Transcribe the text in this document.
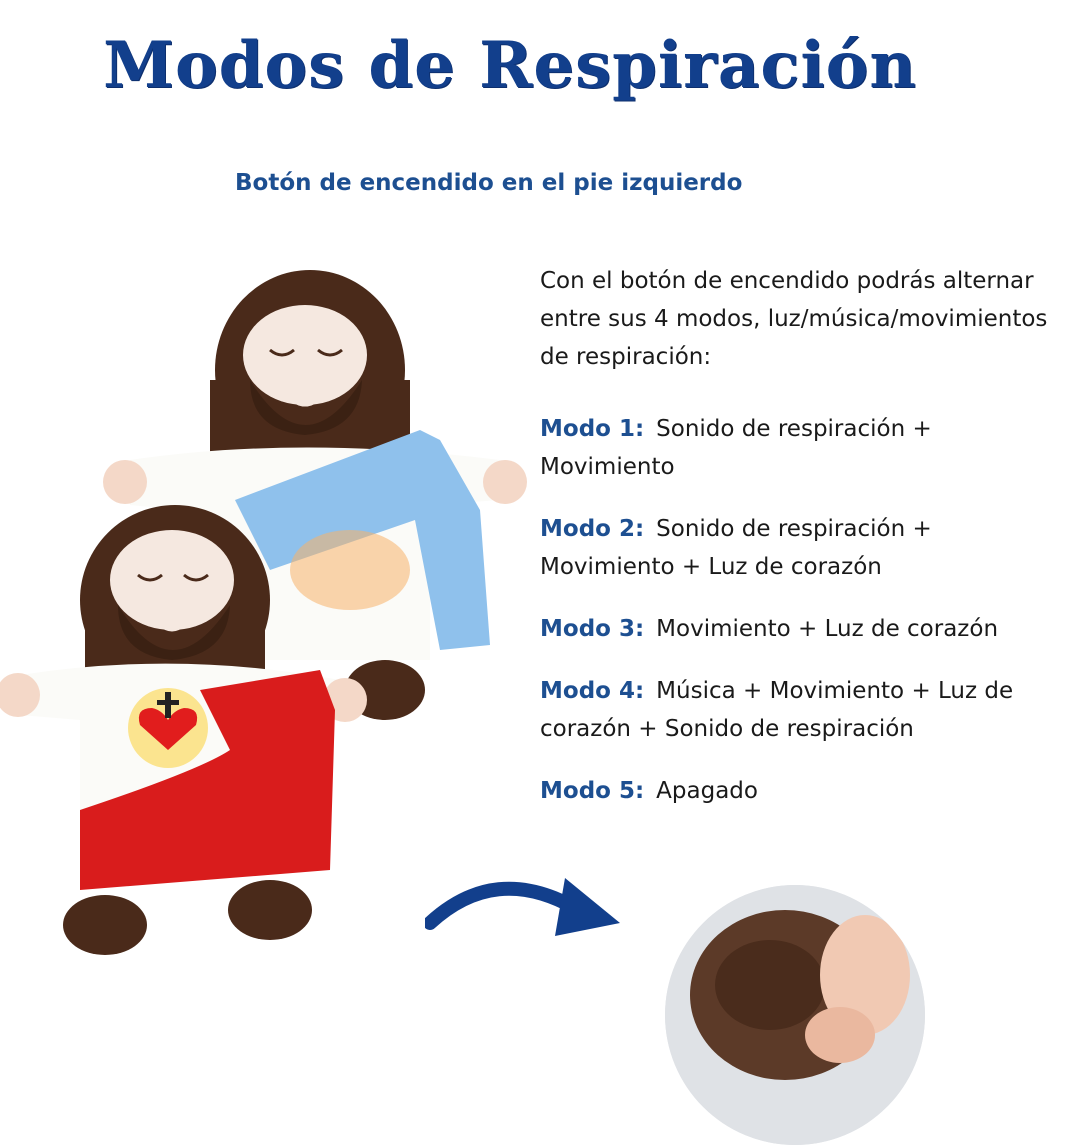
Modos de Respiración
Botón de encendido en el pie izquierdo
Con el botón de encendido podrás alternar entre sus 4 modos, luz/música/movimientos de respiración:
Modo 1: Sonido de respiración + Movimiento
Modo 2: Sonido de respiración + Movimiento + Luz de corazón
Modo 3: Movimiento + Luz de corazón
Modo 4: Música + Movimiento + Luz de corazón + Sonido de respiración
Modo 5: Apagado
